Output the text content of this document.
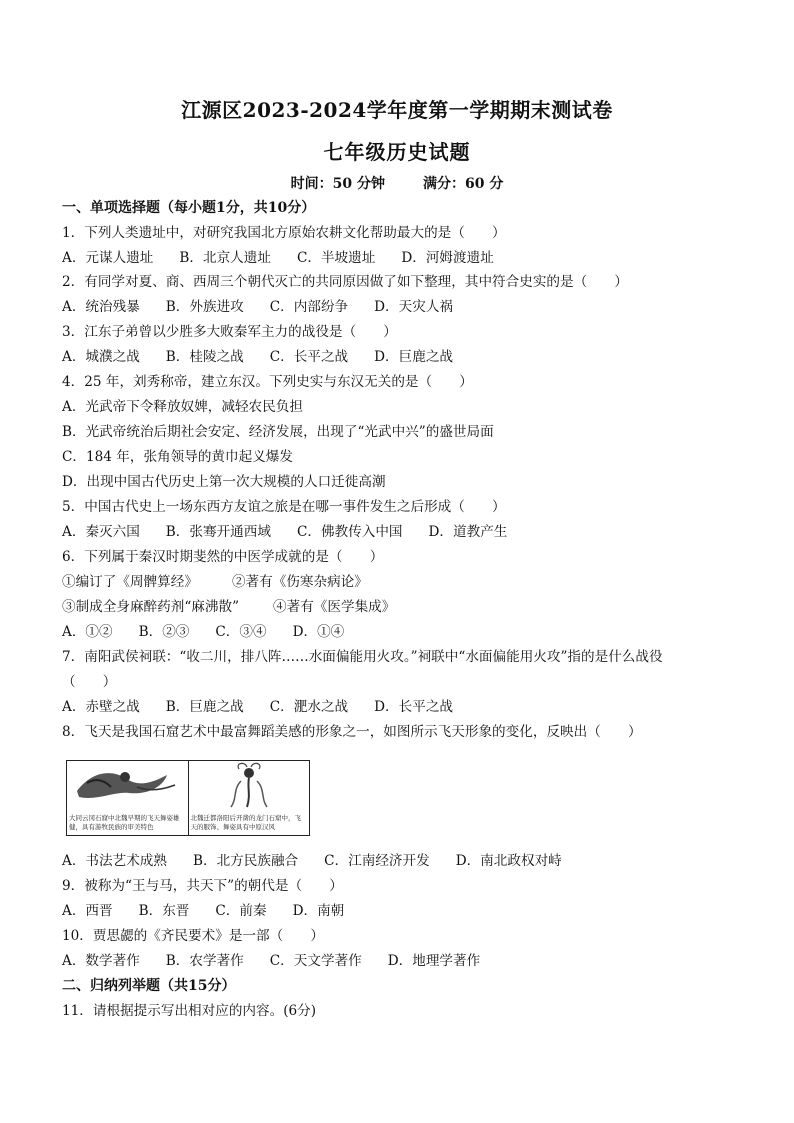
江源区2023-2024学年度第一学期期末测试卷
七年级历史试题
时间：50 分钟	满分：60 分
一、单项选择题（每小题1分，共10分）
1．下列人类遗址中，对研究我国北方原始农耕文化帮助最大的是（　　）
A．元谋人遗址 B．北京人遗址 C．半坡遗址 D．河姆渡遗址
2．有同学对夏、商、西周三个朝代灭亡的共同原因做了如下整理，其中符合史实的是（　　）
A．统治残暴 B．外族进攻 C．内部纷争 D．天灾人祸
3．江东子弟曾以少胜多大败秦军主力的战役是（　　）
A．城濮之战 B．桂陵之战 C．长平之战 D．巨鹿之战
4．25 年，刘秀称帝，建立东汉。下列史实与东汉无关的是（　　）
A．光武帝下令释放奴婢，减轻农民负担
B．光武帝统治后期社会安定、经济发展，出现了“光武中兴”的盛世局面
C．184 年，张角领导的黄巾起义爆发
D．出现中国古代历史上第一次大规模的人口迁徙高潮
5．中国古代史上一场东西方友谊之旅是在哪一事件发生之后形成（　　）
A．秦灭六国 B．张骞开通西域 C．佛教传入中国 D．道教产生
6．下列属于秦汉时期斐然的中医学成就的是（　　）
①编订了《周髀算经》	②著有《伤寒杂病论》
③制成全身麻醉药剂“麻沸散”	④著有《医学集成》
A．①② B．②③ C．③④ D．①④
7．南阳武侯祠联：“收二川，排八阵……水面偏能用火攻。”祠联中“水面偏能用火攻”指的是什么战役
（　　）
A．赤壁之战 B．巨鹿之战 C．淝水之战 D．长平之战
8．飞天是我国石窟艺术中最富舞蹈美感的形象之一，如图所示飞天形象的变化，反映出（　　）
大同云冈石窟中北魏早期的飞天舞姿雄健，具有游牧民族的审美特色
北魏迁都洛阳后开凿的龙门石窟中，飞天的服饰、舞姿具有中原汉风
A．书法艺术成熟 B．北方民族融合 C．江南经济开发 D．南北政权对峙
9．被称为“王与马，共天下”的朝代是（　　）
A．西晋 B．东晋 C．前秦 D．南朝
10．贾思勰的《齐民要术》是一部（　　）
A．数学著作 B．农学著作 C．天文学著作 D．地理学著作
二、归纳列举题（共15分）
11．请根据提示写出相对应的内容。(6分)
